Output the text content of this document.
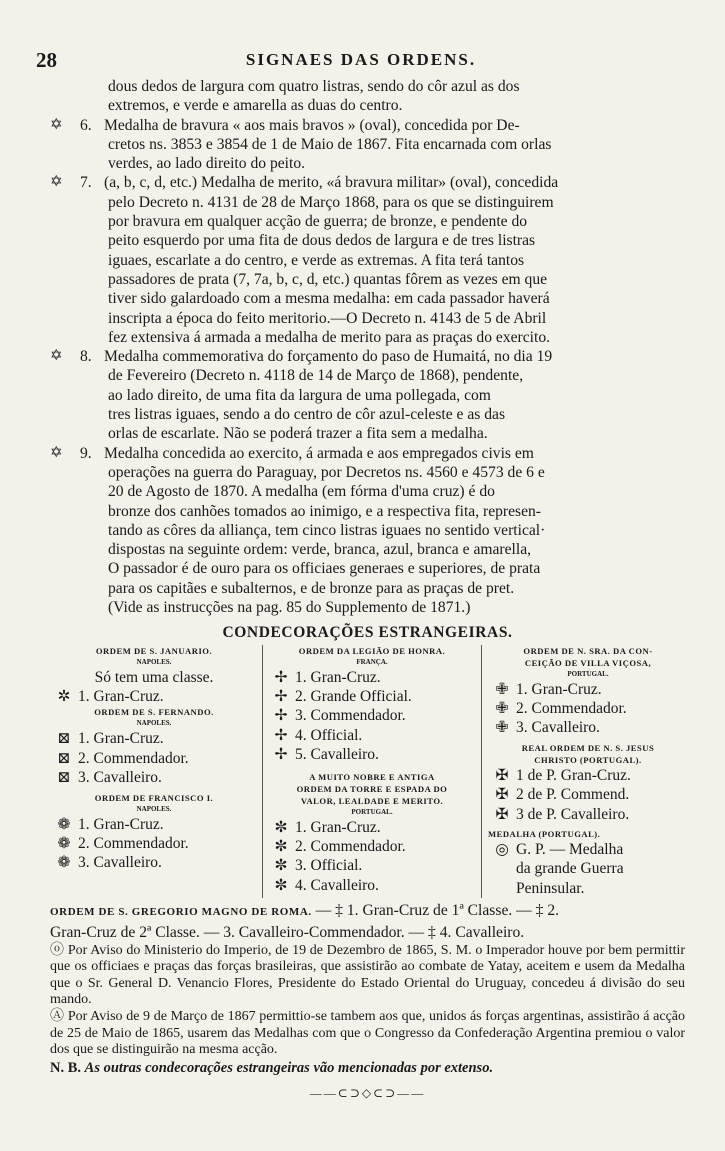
28	SIGNAES DAS ORDENS.
dous dedos de largura com quatro listras, sendo do côr azul as dos
extremos, e verde e amarella as duas do centro.
✡	6. Medalha de bravura « aos mais bravos » (oval), concedida por De-
cretos ns. 3853 e 3854 de 1 de Maio de 1867. Fita encarnada com orlas
verdes, ao lado direito do peito.
✡	7. (a, b, c, d, etc.) Medalha de merito, «á bravura militar» (oval), concedida
pelo Decreto n. 4131 de 28 de Março 1868, para os que se distinguirem
por bravura em qualquer acção de guerra; de bronze, e pendente do
peito esquerdo por uma fita de dous dedos de largura e de tres listras
iguaes, escarlate a do centro, e verde as extremas. A fita terá tantos
passadores de prata (7, 7a, b, c, d, etc.) quantas fôrem as vezes em que
tiver sido galardoado com a mesma medalha: em cada passador haverá
inscripta a época do feito meritorio.—O Decreto n. 4143 de 5 de Abril
fez extensiva á armada a medalha de merito para as praças do exercito.
✡	8. Medalha commemorativa do forçamento do paso de Humaitá, no dia 19
de Fevereiro (Decreto n. 4118 de 14 de Março de 1868), pendente,
ao lado direito, de uma fita da largura de uma pollegada, com
tres listras iguaes, sendo a do centro de côr azul-celeste e as das
orlas de escarlate. Não se poderá trazer a fita sem a medalha.
✡	9. Medalha concedida ao exercito, á armada e aos empregados civis em
operações na guerra do Paraguay, por Decretos ns. 4560 e 4573 de 6 e
20 de Agosto de 1870. A medalha (em fórma d'uma cruz) é do
bronze dos canhões tomados ao inimigo, e a respectiva fita, represen-
tando as côres da alliança, tem cinco listras iguaes no sentido vertical·
dispostas na seguinte ordem: verde, branca, azul, branca e amarella,
O passador é de ouro para os officiaes generaes e superiores, de prata
para os capitães e subalternos, e de bronze para as praças de pret.
(Vide as instrucções na pag. 85 do Supplemento de 1871.)
CONDECORAÇÕES ESTRANGEIRAS.
ORDEM DE S. JANUARIO.
NAPOLES.
Só tem uma classe.
✲ 1. Gran-Cruz.
ORDEM DE S. FERNANDO.
NAPOLES.
⊠ 1. Gran-Cruz.
⊠ 2. Commendador.
⊠ 3. Cavalleiro.
ORDEM DE FRANCISCO I.
NAPOLES.
❁ 1. Gran-Cruz.
❁ 2. Commendador.
❁ 3. Cavalleiro.
ORDEM DA LEGIÃO DE HONRA.
FRANÇA.
✢ 1. Gran-Cruz.
✢ 2. Grande Official.
✢ 3. Commendador.
✢ 4. Official.
✢ 5. Cavalleiro.
A MUITO NOBRE E ANTIGA
ORDEM DA TORRE E ESPADA DO
VALOR, LEALDADE E MERITO.
PORTUGAL.
✼ 1. Gran-Cruz.
✼ 2. Commendador.
✼ 3. Official.
✼ 4. Cavalleiro.
ORDEM DE N. SRA. DA CON-
CEIÇÃO DE VILLA VIÇOSA,
PORTUGAL.
✙ 1. Gran-Cruz.
✙ 2. Commendador.
✙ 3. Cavalleiro.
REAL ORDEM DE N. S. JESUS
CHRISTO (PORTUGAL).
✠ 1 de P. Gran-Cruz.
✠ 2 de P. Commend.
✠ 3 de P. Cavalleiro.
MEDALHA (PORTUGAL).
◎ G. P. — Medalha
da grande Guerra
Peninsular.
ORDEM DE S. GREGORIO MAGNO DE ROMA. — ‡ 1. Gran-Cruz de 1ª Classe. — ‡ 2.
Gran-Cruz de 2ª Classe. — 3. Cavalleiro-Commendador. — ‡ 4. Cavalleiro.
ⓞ Por Aviso do Ministerio do Imperio, de 19 de Dezembro de 1865, S. M. o Imperador houve por bem permittir que os officiaes e praças das forças brasileiras, que assistirão ao combate de Yatay, aceitem e usem da Medalha que o Sr. General D. Venancio Flores, Presidente do Estado Oriental do Uruguay, concedeu á divisão do seu mando.
Ⓐ Por Aviso de 9 de Março de 1867 permittio-se tambem aos que, unidos ás forças argentinas, assistirão á acção de 25 de Maio de 1865, usarem das Medalhas com que o Congresso da Confederação Argentina premiou o valor dos que se distinguirão na mesma acção.
N. B. As outras condecorações estrangeiras vão mencionadas por extenso.
——⊂⊃◇⊂⊃——
